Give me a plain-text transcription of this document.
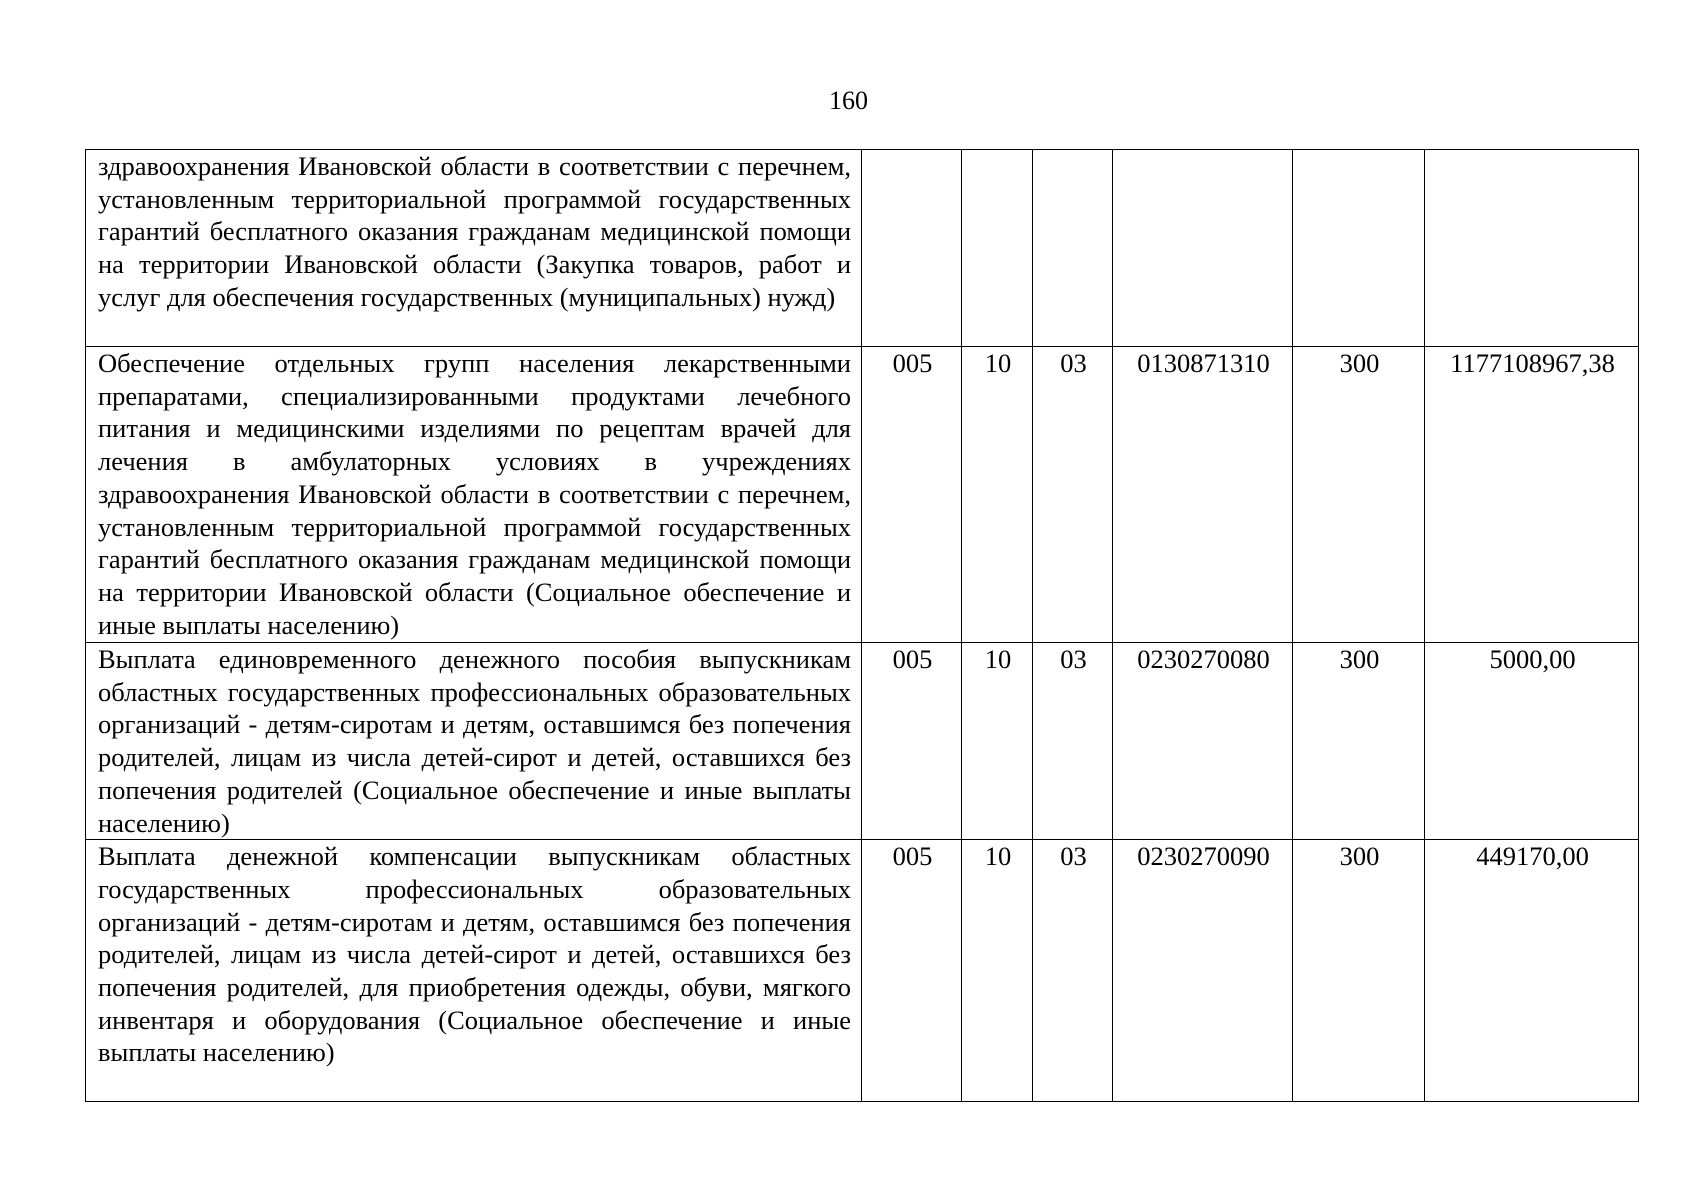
160
здравоохранения Ивановской области в соответствии с перечнем, установленным территориальной программой государственных гарантий бесплатного оказания гражданам медицинской помощи на территории Ивановской области (Закупка товаров, работ и услуг для обеспечения государственных (муниципальных) нужд)						
Обеспечение отдельных групп населения лекарственными препаратами, специализированными продуктами лечебного питания и медицинскими изделиями по рецептам врачей для лечения в амбулаторных условиях в учреждениях здравоохранения Ивановской области в соответствии с перечнем, установленным территориальной программой государственных гарантий бесплатного оказания гражданам медицинской помощи на территории Ивановской области (Социальное обеспечение и иные выплаты населению)	005	10	03	0130871310	300	1177108967,38
Выплата единовременного денежного пособия выпускникам областных государственных профессиональных образовательных организаций - детям-сиротам и детям, оставшимся без попечения родителей, лицам из числа детей-сирот и детей, оставшихся без попечения родителей (Социальное обеспечение и иные выплаты населению)	005	10	03	0230270080	300	5000,00
Выплата денежной компенсации выпускникам областных государственных профессиональных образовательных организаций - детям-сиротам и детям, оставшимся без попечения родителей, лицам из числа детей-сирот и детей, оставшихся без попечения родителей, для приобретения одежды, обуви, мягкого инвентаря и оборудования (Социальное обеспечение и иные выплаты населению)	005	10	03	0230270090	300	449170,00
